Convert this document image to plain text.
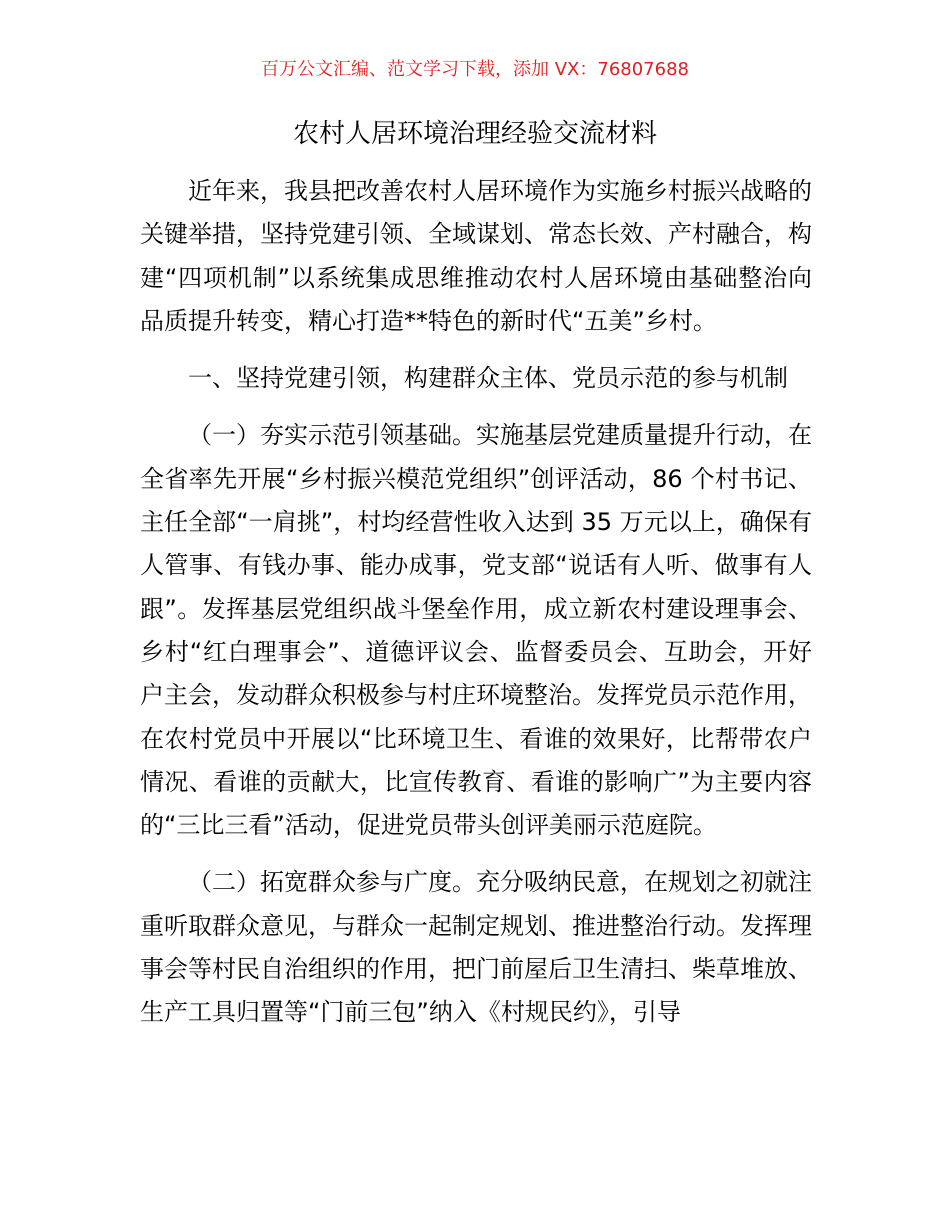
百万公文汇编、范文学习下载，添加 VX：76807688
农村人居环境治理经验交流材料

近年来，我县把改善农村人居环境作为实施乡村振兴战略的关键举措，坚持党建引领、全域谋划、常态长效、产村融合，构建“四项机制”以系统集成思维推动农村人居环境由基础整治向品质提升转变，精心打造**特色的新时代“五美”乡村。

一、坚持党建引领，构建群众主体、党员示范的参与机制

（一）夯实示范引领基础。实施基层党建质量提升行动，在全省率先开展“乡村振兴模范党组织”创评活动，86 个村书记、主任全部“一肩挑”，村均经营性收入达到 35 万元以上，确保有人管事、有钱办事、能办成事，党支部“说话有人听、做事有人跟”。发挥基层党组织战斗堡垒作用，成立新农村建设理事会、乡村“红白理事会”、道德评议会、监督委员会、互助会，开好户主会，发动群众积极参与村庄环境整治。发挥党员示范作用，在农村党员中开展以“比环境卫生、看谁的效果好，比帮带农户情况、看谁的贡献大，比宣传教育、看谁的影响广”为主要内容的“三比三看”活动，促进党员带头创评美丽示范庭院。

（二）拓宽群众参与广度。充分吸纳民意，在规划之初就注重听取群众意见，与群众一起制定规划、推进整治行动。发挥理事会等村民自治组织的作用，把门前屋后卫生清扫、柴草堆放、生产工具归置等“门前三包”纳入《村规民约》，引导
